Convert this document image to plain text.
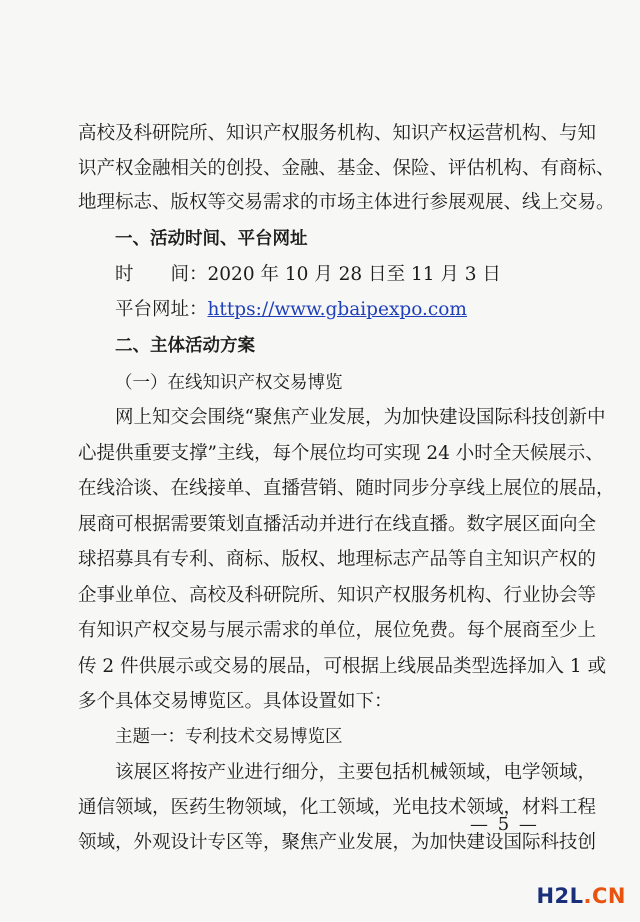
高校及科研院所、知识产权服务机构、知识产权运营机构、与知
识产权金融相关的创投、金融、基金、保险、评估机构、有商标、
地理标志、版权等交易需求的市场主体进行参展观展、线上交易。
一、活动时间、平台网址
时　　间：2020 年 10 月 28 日至 11 月 3 日
平台网址：https://www.gbaipexpo.com
二、主体活动方案
（一）在线知识产权交易博览
网上知交会围绕“聚焦产业发展，为加快建设国际科技创新中
心提供重要支撑”主线，每个展位均可实现 24 小时全天候展示、
在线洽谈、在线接单、直播营销、随时同步分享线上展位的展品，
展商可根据需要策划直播活动并进行在线直播。数字展区面向全
球招募具有专利、商标、版权、地理标志产品等自主知识产权的
企事业单位、高校及科研院所、知识产权服务机构、行业协会等
有知识产权交易与展示需求的单位，展位免费。每个展商至少上
传 2 件供展示或交易的展品，可根据上线展品类型选择加入 1 或
多个具体交易博览区。具体设置如下：
主题一：专利技术交易博览区
该展区将按产业进行细分，主要包括机械领域，电学领域，
通信领域，医药生物领域，化工领域，光电技术领域，材料工程
领域，外观设计专区等，聚焦产业发展，为加快建设国际科技创
— 5 —
H2L.CN
